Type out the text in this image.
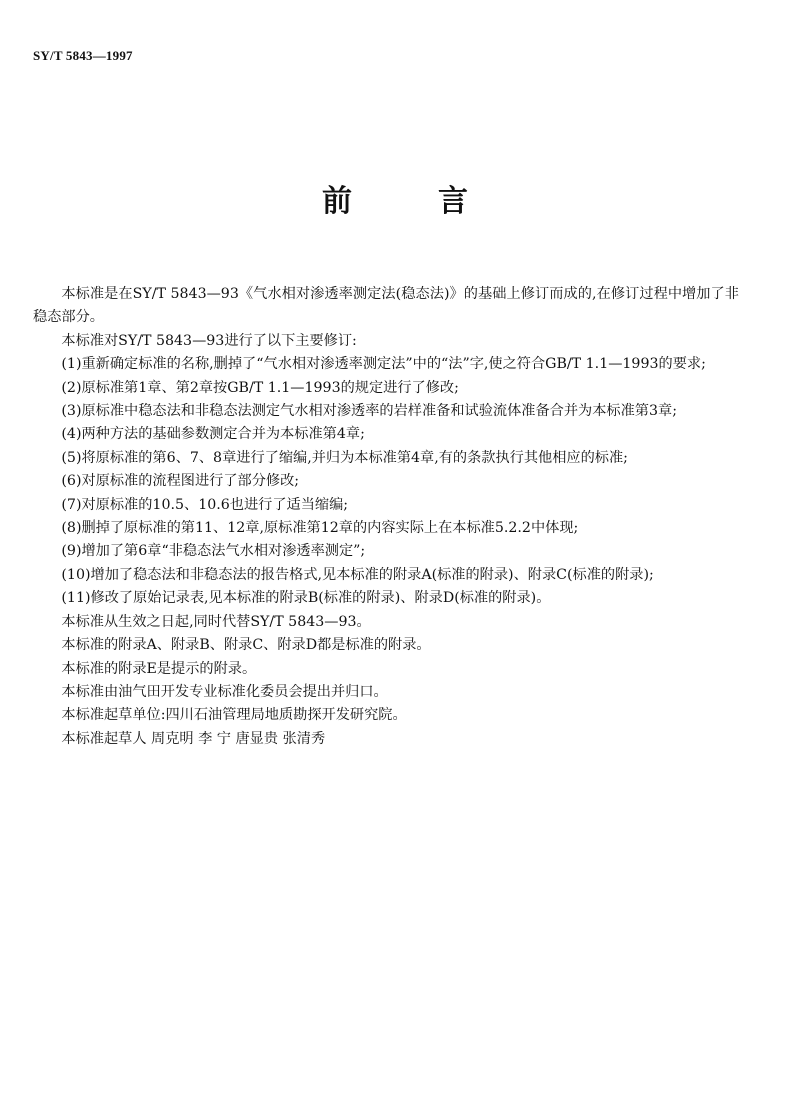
SY/T 5843—1997
前	言

本标准是在SY/T 5843—93《气水相对渗透率测定法(稳态法)》的基础上修订而成的,在修订过程中增加了非稳态部分。

本标准对SY/T 5843—93进行了以下主要修订:

(1)重新确定标准的名称,删掉了“气水相对渗透率测定法”中的“法”字,使之符合GB/T 1.1—1993的要求;

(2)原标准第1章、第2章按GB/T 1.1—1993的规定进行了修改;

(3)原标准中稳态法和非稳态法测定气水相对渗透率的岩样准备和试验流体准备合并为本标准第3章;

(4)两种方法的基础参数测定合并为本标准第4章;

(5)将原标准的第6、7、8章进行了缩编,并归为本标准第4章,有的条款执行其他相应的标准;

(6)对原标准的流程图进行了部分修改;

(7)对原标准的10.5、10.6也进行了适当缩编;

(8)删掉了原标准的第11、12章,原标准第12章的内容实际上在本标准5.2.2中体现;

(9)增加了第6章“非稳态法气水相对渗透率测定”;

(10)增加了稳态法和非稳态法的报告格式,见本标准的附录A(标准的附录)、附录C(标准的附录);

(11)修改了原始记录表,见本标准的附录B(标准的附录)、附录D(标准的附录)。

本标准从生效之日起,同时代替SY/T 5843—93。

本标准的附录A、附录B、附录C、附录D都是标准的附录。

本标准的附录E是提示的附录。

本标准由油气田开发专业标准化委员会提出并归口。

本标准起草单位:四川石油管理局地质勘探开发研究院。

本标准起草人 周克明 李 宁 唐显贵 张清秀
